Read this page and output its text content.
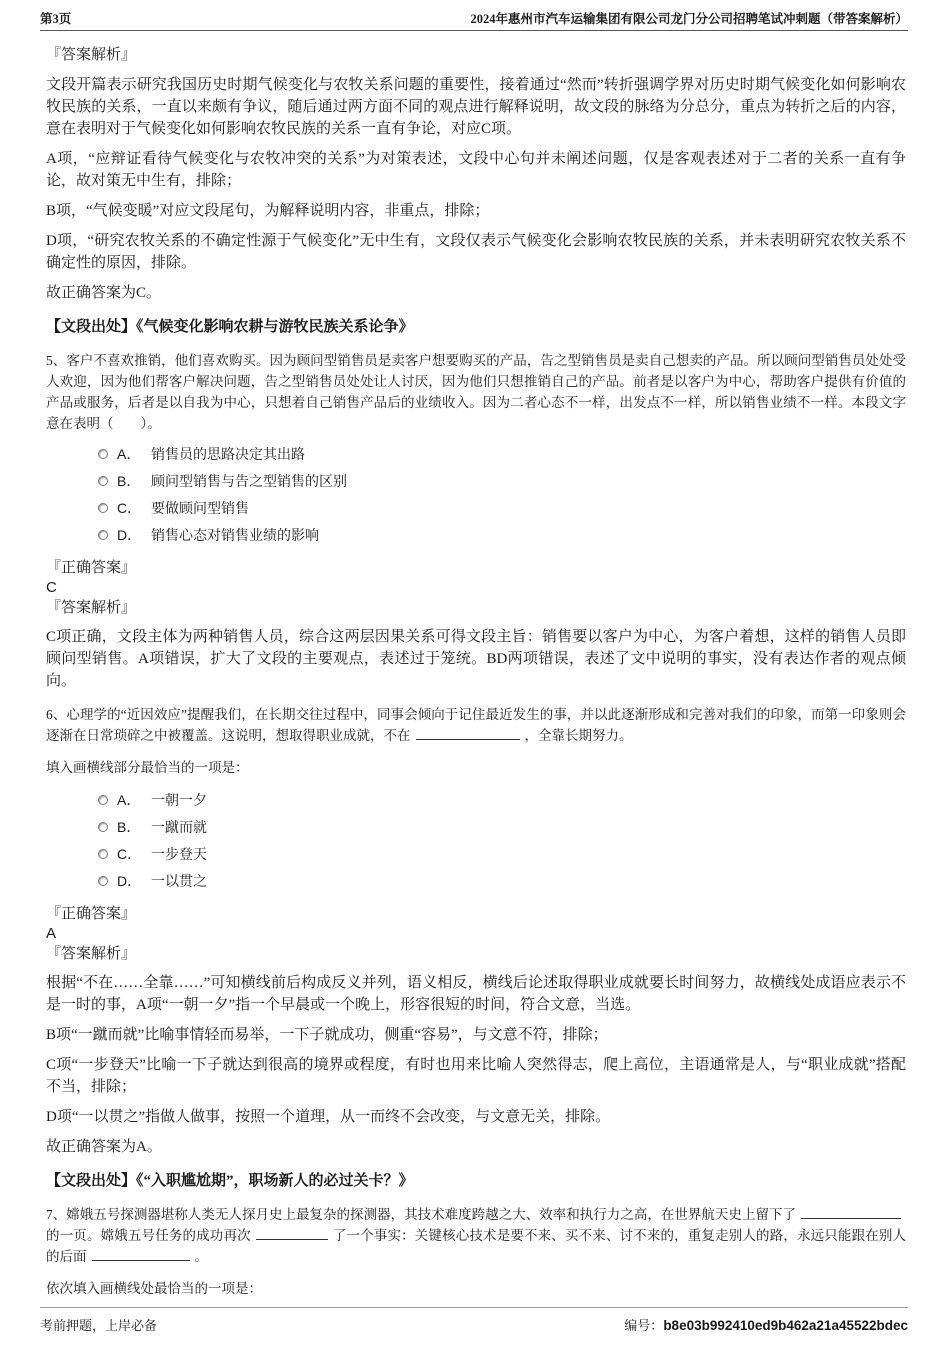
第3页	2024年惠州市汽车运输集团有限公司龙门分公司招聘笔试冲刺题（带答案解析）
『答案解析』
文段开篇表示研究我国历史时期气候变化与农牧关系问题的重要性，接着通过“然而”转折强调学界对历史时期气候变化如何影响农牧民族的关系，一直以来颇有争议，随后通过两方面不同的观点进行解释说明，故文段的脉络为分总分，重点为转折之后的内容，意在表明对于气候变化如何影响农牧民族的关系一直有争论，对应C项。
A项，“应辩证看待气候变化与农牧冲突的关系”为对策表述，文段中心句并未阐述问题，仅是客观表述对于二者的关系一直有争论，故对策无中生有，排除；
B项，“气候变暖”对应文段尾句，为解释说明内容，非重点，排除；
D项，“研究农牧关系的不确定性源于气候变化”无中生有，文段仅表示气候变化会影响农牧民族的关系，并未表明研究农牧关系不确定性的原因，排除。
故正确答案为C。
【文段出处】《气候变化影响农耕与游牧民族关系论争》
5、客户不喜欢推销，他们喜欢购买。因为顾问型销售员是卖客户想要购买的产品，告之型销售员是卖自己想卖的产品。所以顾问型销售员处处受人欢迎，因为他们帮客户解决问题，告之型销售员处处让人讨厌，因为他们只想推销自己的产品。前者是以客户为中心，帮助客户提供有价值的产品或服务，后者是以自我为中心，只想着自己销售产品后的业绩收入。因为二者心态不一样，出发点不一样，所以销售业绩不一样。本段文字意在表明（　　）。
A． 销售员的思路决定其出路
B． 顾问型销售与告之型销售的区别
C． 要做顾问型销售
D． 销售心态对销售业绩的影响
『正确答案』
C
『答案解析』
C项正确，文段主体为两种销售人员，综合这两层因果关系可得文段主旨：销售要以客户为中心，为客户着想，这样的销售人员即顾问型销售。A项错误，扩大了文段的主要观点，表述过于笼统。BD两项错误，表述了文中说明的事实，没有表达作者的观点倾向。
6、心理学的“近因效应”提醒我们，在长期交往过程中，同事会倾向于记住最近发生的事，并以此逐渐形成和完善对我们的印象，而第一印象则会逐渐在日常琐碎之中被覆盖。这说明，想取得职业成就，不在	，全靠长期努力。
填入画横线部分最恰当的一项是：
A． 一朝一夕
B． 一蹴而就
C． 一步登天
D． 一以贯之
『正确答案』
A
『答案解析』
根据“不在……全靠……”可知横线前后构成反义并列，语义相反，横线后论述取得职业成就要长时间努力，故横线处成语应表示不是一时的事，A项“一朝一夕”指一个早晨或一个晚上，形容很短的时间，符合文意，当选。
B项“一蹴而就”比喻事情轻而易举，一下子就成功，侧重“容易”，与文意不符，排除；
C项“一步登天”比喻一下子就达到很高的境界或程度，有时也用来比喻人突然得志，爬上高位，主语通常是人，与“职业成就”搭配不当，排除；
D项“一以贯之”指做人做事，按照一个道理，从一而终不会改变，与文意无关，排除。
故正确答案为A。
【文段出处】《“入职尴尬期”，职场新人的必过关卡？》
7、嫦娥五号探测器堪称人类无人探月史上最复杂的探测器，其技术难度跨越之大、效率和执行力之高，在世界航天史上留下了的一页。嫦娥五号任务的成功再次	了一个事实：关键核心技术是要不来、买不来、讨不来的，重复走别人的路，永远只能跟在别人的后面	。
依次填入画横线处最恰当的一项是：
考前押题，上岸必备	编号：b8e03b992410ed9b462a21a45522bdec
